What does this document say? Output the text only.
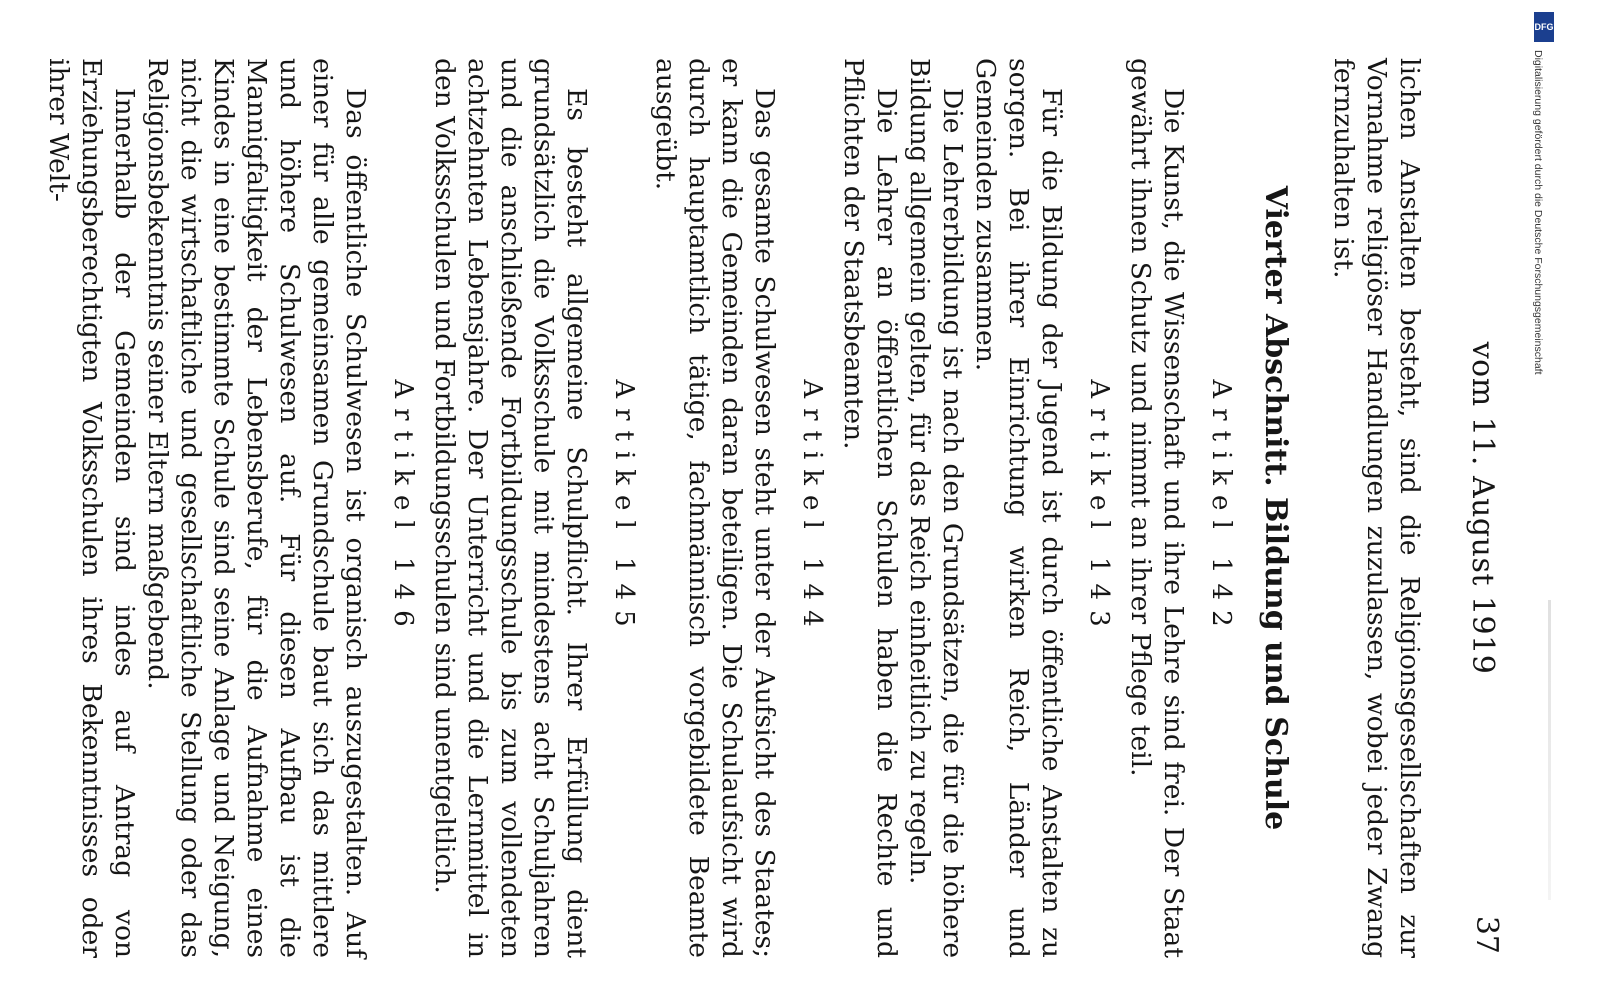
vom 11. August 1919
37

lichen Anstalten besteht, sind die Religionsgesellschaften zur Vornahme religiöser Handlungen zuzulassen, wobei jeder Zwang fernzuhalten ist.

Vierter Abschnitt. Bildung und Schule
Artikel 142

Die Kunst, die Wissenschaft und ihre Lehre sind frei. Der Staat gewährt ihnen Schutz und nimmt an ihrer Pflege teil.

Artikel 143

Für die Bildung der Jugend ist durch öffentliche Anstalten zu sorgen. Bei ihrer Einrichtung wirken Reich, Länder und Gemeinden zusammen.

Die Lehrerbildung ist nach den Grundsätzen, die für die höhere Bildung allgemein gelten, für das Reich einheitlich zu regeln.

Die Lehrer an öffentlichen Schulen haben die Rechte und Pflichten der Staatsbeamten.

Artikel 144

Das gesamte Schulwesen steht unter der Aufsicht des Staates; er kann die Gemeinden daran beteiligen. Die Schulaufsicht wird durch hauptamtlich tätige, fachmännisch vorgebildete Beamte ausgeübt.

Artikel 145

Es besteht allgemeine Schulpflicht. Ihrer Erfüllung dient grundsätzlich die Volksschule mit mindestens acht Schuljahren und die anschließende Fortbildungsschule bis zum vollendeten achtzehnten Lebensjahre. Der Unterricht und die Lernmittel in den Volksschulen und Fortbildungsschulen sind unentgeltlich.

Artikel 146

Das öffentliche Schulwesen ist organisch auszugestalten. Auf einer für alle gemeinsamen Grundschule baut sich das mittlere und höhere Schulwesen auf. Für diesen Aufbau ist die Mannigfaltigkeit der Lebensberufe, für die Aufnahme eines Kindes in eine bestimmte Schule sind seine Anlage und Neigung, nicht die wirtschaftliche und gesellschaftliche Stellung oder das Religionsbekenntnis seiner Eltern maßgebend.

Innerhalb der Gemeinden sind indes auf Antrag von Erziehungsberechtigten Volksschulen ihres Bekenntnisses oder ihrer Welt-

DFG
Digitalisierung gefördert durch die Deutsche Forschungsgemeinschaft
